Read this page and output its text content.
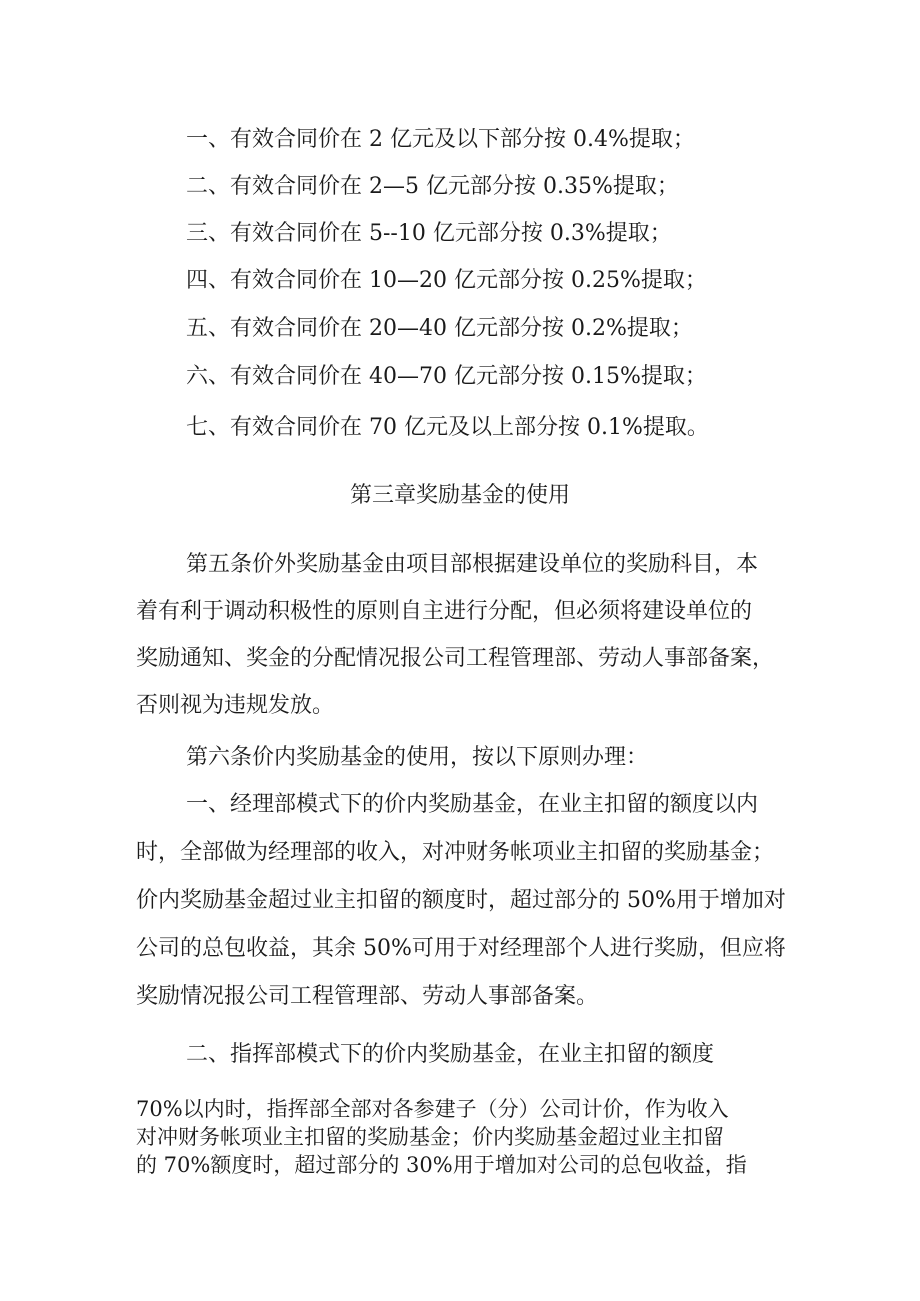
一、有效合同价在 2 亿元及以下部分按 0.4%提取；
二、有效合同价在 2—5 亿元部分按 0.35%提取；
三、有效合同价在 5--10 亿元部分按 0.3%提取；
四、有效合同价在 10—20 亿元部分按 0.25%提取；
五、有效合同价在 20—40 亿元部分按 0.2%提取；
六、有效合同价在 40—70 亿元部分按 0.15%提取；
七、有效合同价在 70 亿元及以上部分按 0.1%提取。
第三章奖励基金的使用
第五条价外奖励基金由项目部根据建设单位的奖励科目，本
着有利于调动积极性的原则自主进行分配，但必须将建设单位的
奖励通知、奖金的分配情况报公司工程管理部、劳动人事部备案，
否则视为违规发放。
第六条价内奖励基金的使用，按以下原则办理：
一、经理部模式下的价内奖励基金，在业主扣留的额度以内
时，全部做为经理部的收入，对冲财务帐项业主扣留的奖励基金；
价内奖励基金超过业主扣留的额度时，超过部分的 50%用于增加对
公司的总包收益，其余 50%可用于对经理部个人进行奖励，但应将
奖励情况报公司工程管理部、劳动人事部备案。
二、指挥部模式下的价内奖励基金，在业主扣留的额度
70%以内时，指挥部全部对各参建子（分）公司计价，作为收入
对冲财务帐项业主扣留的奖励基金；价内奖励基金超过业主扣留
的 70%额度时，超过部分的 30%用于增加对公司的总包收益，指
